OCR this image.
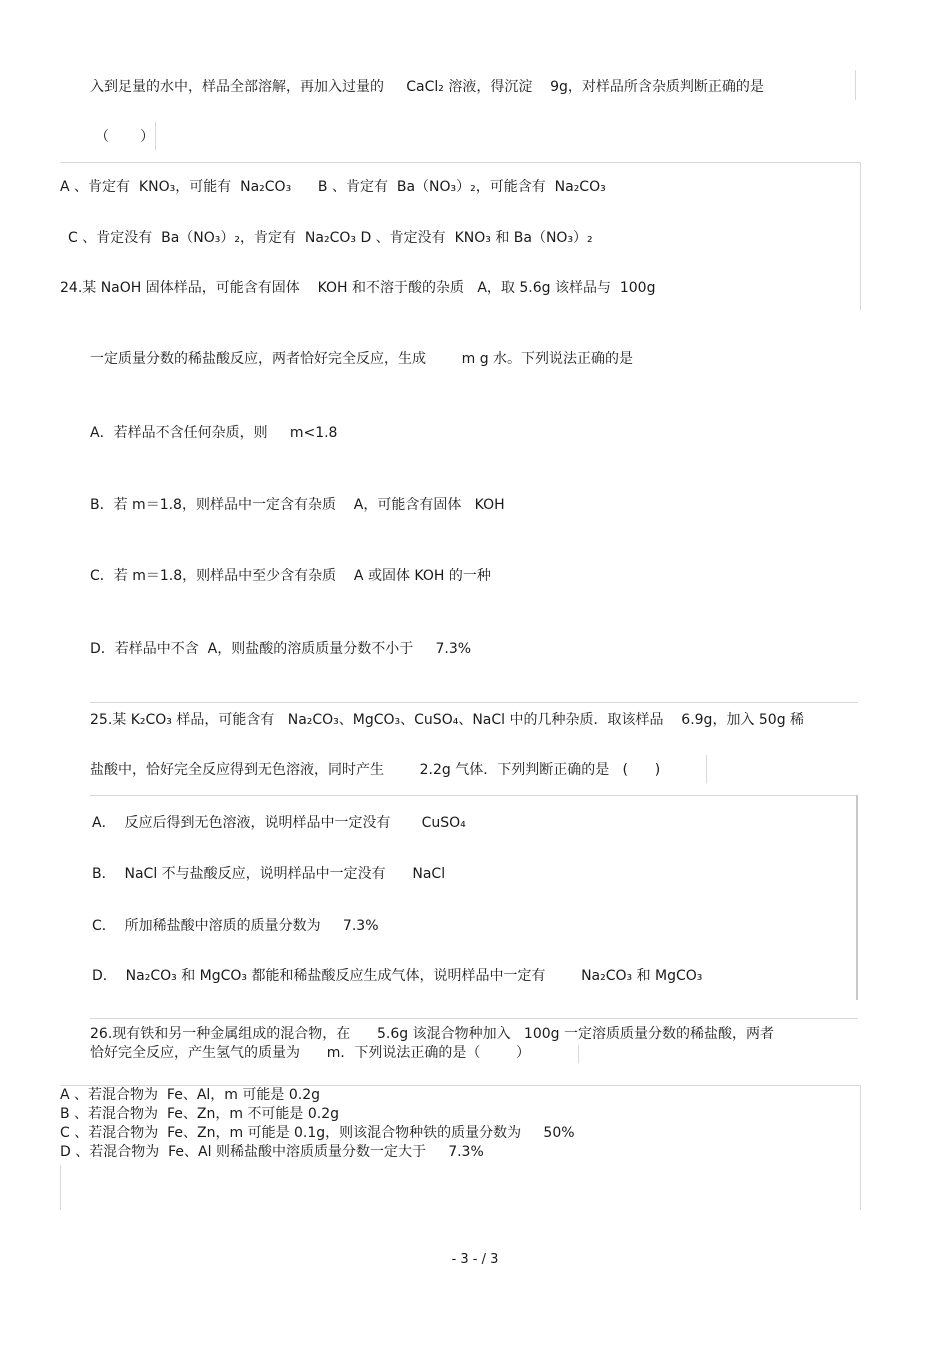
入到足量的水中，样品全部溶解，再加入过量的     CaCl₂ 溶液，得沉淀    9g，对样品所含杂质判断正确的是
（       ）
A 、肯定有  KNO₃，可能有  Na₂CO₃      B 、肯定有  Ba（NO₃）₂，可能含有  Na₂CO₃
C 、肯定没有  Ba（NO₃）₂，肯定有  Na₂CO₃ D 、肯定没有  KNO₃ 和 Ba（NO₃）₂
24.某 NaOH 固体样品，可能含有固体    KOH 和不溶于酸的杂质   A，取 5.6g 该样品与  100g
一定质量分数的稀盐酸反应，两者恰好完全反应，生成        m g 水。下列说法正确的是
A．若样品不含任何杂质，则     m<1.8
B．若 m＝1.8，则样品中一定含有杂质    A，可能含有固体   KOH
C．若 m＝1.8，则样品中至少含有杂质    A 或固体 KOH 的一种
D．若样品中不含  A，则盐酸的溶质质量分数不小于     7.3%
25.某 K₂CO₃ 样品，可能含有   Na₂CO₃、MgCO₃、CuSO₄、NaCl 中的几种杂质．取该样品    6.9g，加入 50g 稀
盐酸中，恰好完全反应得到无色溶液，同时产生        2.2g 气体．下列判断正确的是   (      )
A．  反应后得到无色溶液，说明样品中一定没有       CuSO₄
B．  NaCl 不与盐酸反应，说明样品中一定没有      NaCl
C．  所加稀盐酸中溶质的质量分数为     7.3%
D．  Na₂CO₃ 和 MgCO₃ 都能和稀盐酸反应生成气体，说明样品中一定有        Na₂CO₃ 和 MgCO₃
26.现有铁和另一种金属组成的混合物，在      5.6g 该混合物种加入   100g 一定溶质质量分数的稀盐酸，两者
恰好完全反应，产生氢气的质量为      m．下列说法正确的是（        ）
A 、若混合物为  Fe、Al，m 可能是 0.2g
B 、若混合物为  Fe、Zn，m 不可能是 0.2g
C 、若混合物为  Fe、Zn，m 可能是 0.1g，则该混合物种铁的质量分数为     50%
D 、若混合物为  Fe、Al 则稀盐酸中溶质质量分数一定大于     7.3%
- 3 - / 3
